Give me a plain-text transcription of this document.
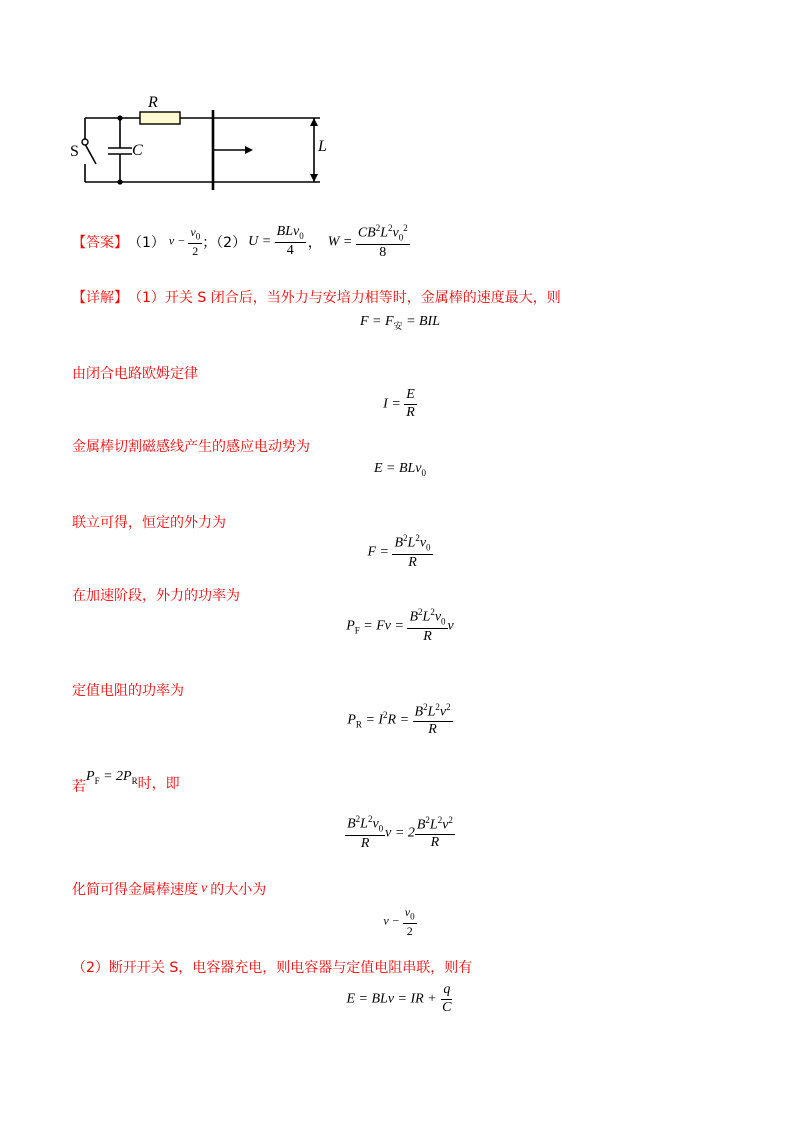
R
S	C	L
【答案】 （1） $v - \frac{v_0}{2}$ ；（2） $U = \frac{BLv_0}{4}$ ， $W = \frac{CB^2L^2v_0^2}{8}$
【详解】 （1）开关 S 闭合后，当外力与安培力相等时，金属棒的速度最大，则
$F = F_安$ = BIL
由闭合电路欧姆定律
$I = \frac{E}{R}$
金属棒切割磁感线产生的感应电动势为
E = BLv$_0$
联立可得，恒定的外力为
$F = \frac{B^2L^2v_0}{R}$
在加速阶段，外力的功率为
$P_F = Fv = \frac{B^2L^2v_0}{R}$ v
定值电阻的功率为
$P_R = I^2R = \frac{B^2L^2v^2}{R}$
若
$P_F = 2P_R$ 时，即
$\frac{B^2L^2v_0}{R}$ $v = 2 \frac{B^2L^2v^2}{R}$
化简可得金属棒速度 v 的大小为
$v - \frac{v_0}{2}$
（2）断开开关 S，电容器充电，则电容器与定值电阻串联，则有
E = BLv = IR + $\frac{q}{C}$
